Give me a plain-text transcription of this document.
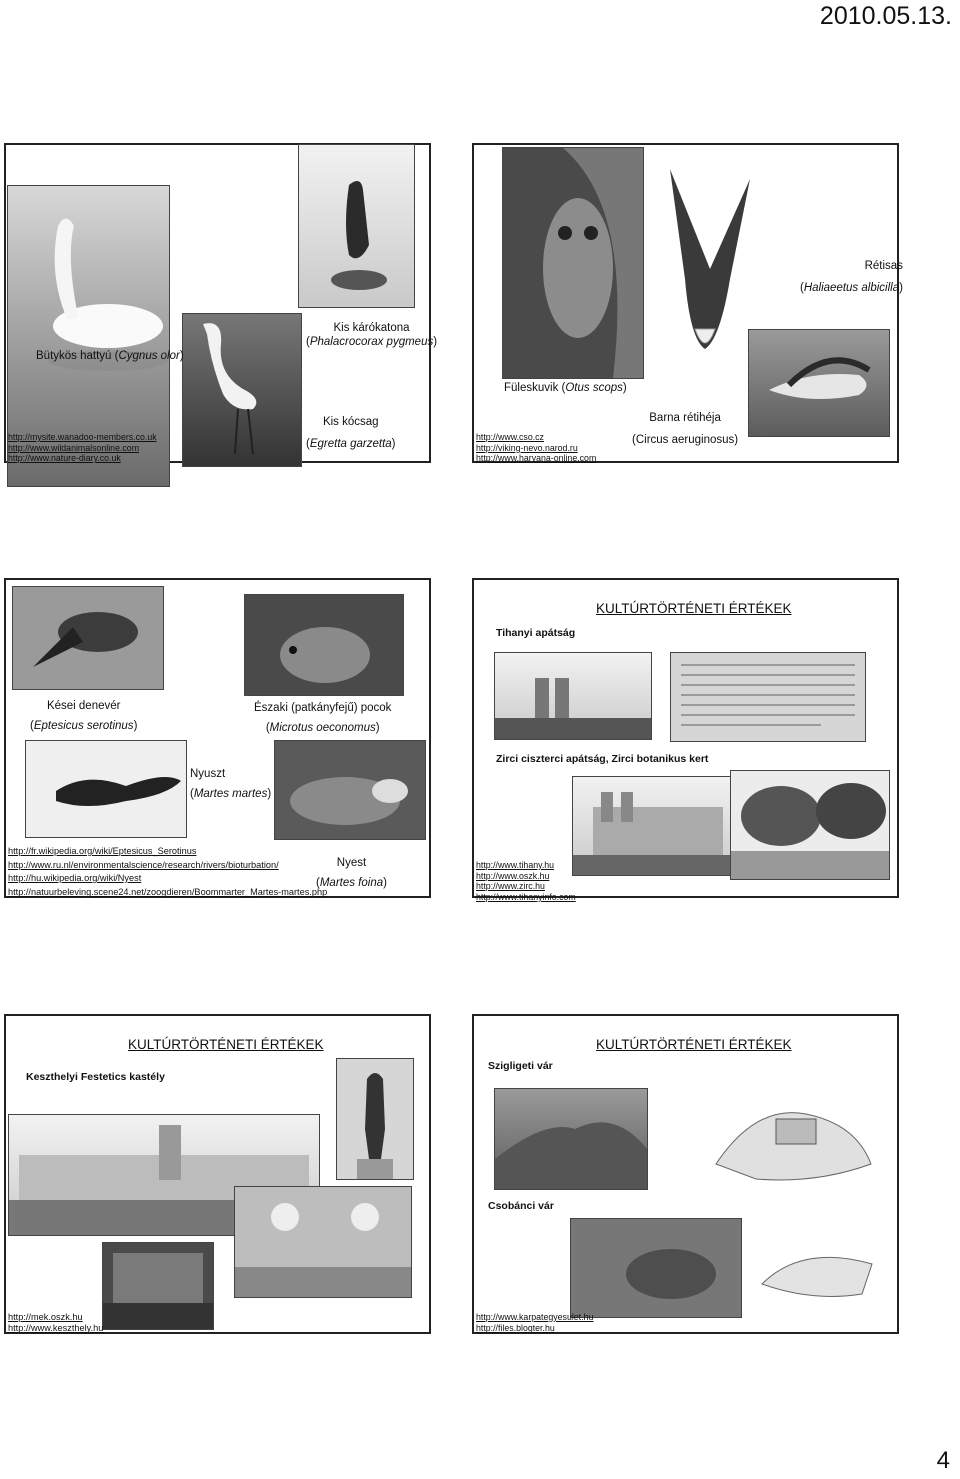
2010.05.13.
Bütykös hattyú (Cygnus olor)
Kis kárókatona
(Phalacrocorax pygmeus)
Kis kócsag
(Egretta garzetta)
http://mysite.wanadoo-members.co.uk
http://www.wildanimalsonline.com
http://www.nature-diary.co.uk
Rétisas
(Haliaeetus albicilla)
Füleskuvik (Otus scops)
Barna rétihéja
(Circus aeruginosus)
http://www.cso.cz
http://viking-nevo.narod.ru
http://www.haryana-online.com
Kései denevér
(Eptesicus serotinus)
Északi (patkányfejű) pocok
(Microtus oeconomus)
Nyuszt
(Martes martes)
Nyest
(Martes foina)
http://fr.wikipedia.org/wiki/Eptesicus_Serotinus
http://www.ru.nl/environmentalscience/research/rivers/bioturbation/
http://hu.wikipedia.org/wiki/Nyest
http://natuurbeleving.scene24.net/zoogdieren/Boommarter_Martes-martes.php
KULTÚRTÖRTÉNETI ÉRTÉKEK
Tihanyi apátság
Zirci ciszterci apátság, Zirci botanikus kert
http://www.tihany.hu
http://www.oszk.hu
http://www.zirc.hu
http://www.tihanyinfo.com
KULTÚRTÖRTÉNETI ÉRTÉKEK
Keszthelyi Festetics kastély
http://mek.oszk.hu
http://www.keszthely.hu
KULTÚRTÖRTÉNETI ÉRTÉKEK
Szigligeti vár
Csobánci vár
http://www.karpategyesulet.hu
http://files.blogter.hu
4
